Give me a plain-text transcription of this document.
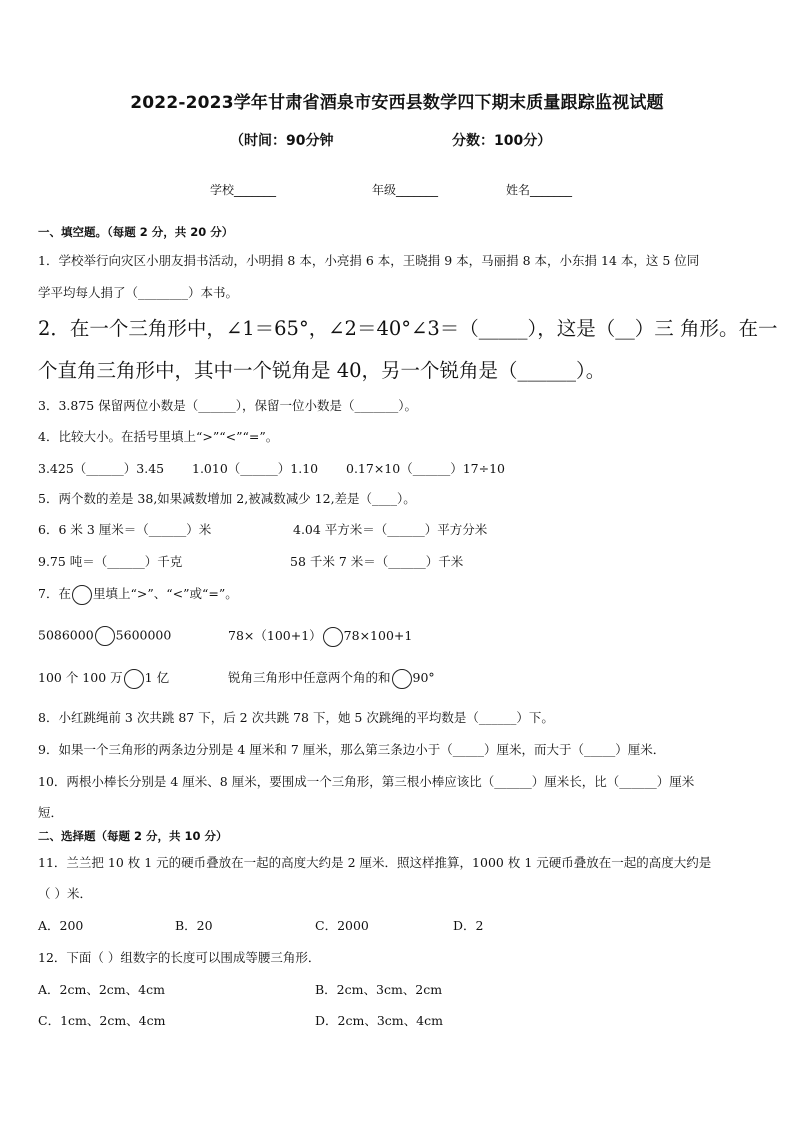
2022-2023学年甘肃省酒泉市安西县数学四下期末质量跟踪监视试题
（时间：90分钟	分数：100分）
学校_______	年级_______	姓名_______
一、填空题。（每题 2 分，共 20 分）
1．学校举行向灾区小朋友捐书活动，小明捐 8 本，小亮捐 6 本，王晓捐 9 本，马丽捐 8 本，小东捐 14 本，这 5 位同
学平均每人捐了（________）本书。
2．在一个三角形中，∠1＝65°，∠2＝40°∠3＝（_____），这是（__）三 角形。在一
个直角三角形中，其中一个锐角是 40，另一个锐角是（______）。
3．3.875 保留两位小数是（______），保留一位小数是（_______）。
4．比较大小。在括号里填上“>”“<”“=”。
3.425（______）3.45 1.010（______）1.10 0.17×10（______）17÷10
5．两个数的差是 38,如果减数增加 2,被减数减少 12,差是（____）。
6．6 米 3 厘米＝（______）米	4.04 平方米＝（______）平方分米
9.75 吨＝（______）千克	58 千米 7 米＝（______）千米
7．在 里填上“>”、“<”或“=”。
5086000 5600000	78×（100+1） 78×100+1
100 个 100 万 1 亿	锐角三角形中任意两个角的和 90°
8．小红跳绳前 3 次共跳 87 下，后 2 次共跳 78 下，她 5 次跳绳的平均数是（______）下。
9．如果一个三角形的两条边分别是 4 厘米和 7 厘米，那么第三条边小于（_____）厘米，而大于（_____）厘米．
10．两根小棒长分别是 4 厘米、8 厘米，要围成一个三角形，第三根小棒应该比（______）厘米长，比（______）厘米
短．
二、选择题（每题 2 分，共 10 分）
11．兰兰把 10 枚 1 元的硬币叠放在一起的高度大约是 2 厘米．照这样推算，1000 枚 1 元硬币叠放在一起的高度大约是
（ ）米．
A．200	B．20	C．2000	D．2
12．下面（ ）组数字的长度可以围成等腰三角形．
A．2cm、2cm、4cm	B．2cm、3cm、2cm
C．1cm、2cm、4cm	D．2cm、3cm、4cm
